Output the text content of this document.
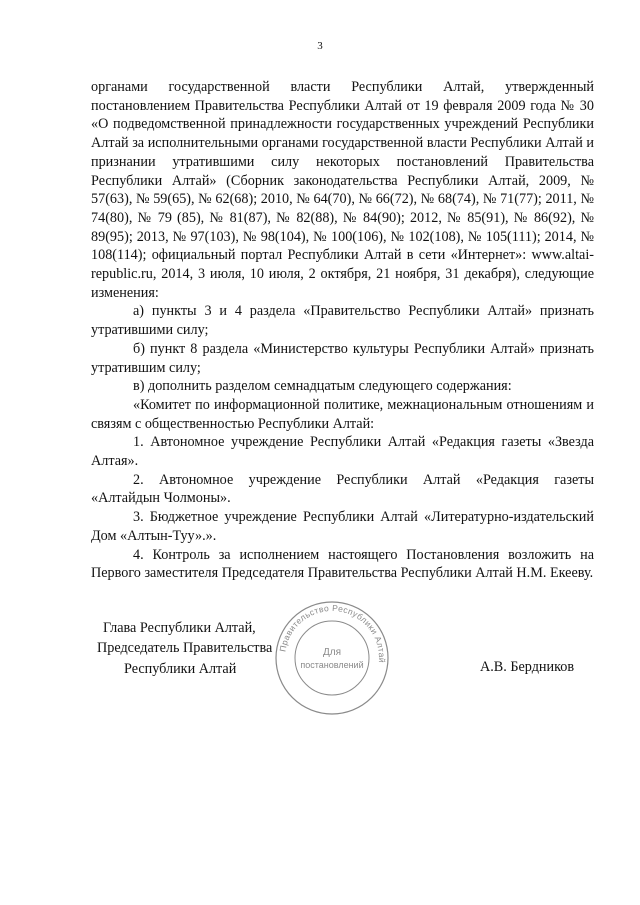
3

органами государственной власти Республики Алтай, утвержденный постановлением Правительства Республики Алтай от 19 февраля 2009 года № 30 «О подведомственной принадлежности государственных учреждений Республики Алтай за исполнительными органами государственной власти Республики Алтай и признании утратившими силу некоторых постановлений Правительства Республики Алтай» (Сборник законодательства Республики Алтай, 2009, № 57(63), № 59(65), № 62(68); 2010, № 64(70), № 66(72), № 68(74), № 71(77); 2011, № 74(80), № 79 (85), № 81(87), № 82(88), № 84(90); 2012, № 85(91), № 86(92), № 89(95); 2013, № 97(103), № 98(104), № 100(106), № 102(108), № 105(111); 2014, № 108(114); официальный портал Республики Алтай в сети «Интернет»: www.altai-republic.ru, 2014, 3 июля, 10 июля, 2 октября, 21 ноября, 31 декабря), следующие изменения:

а) пункты 3 и 4 раздела «Правительство Республики Алтай» признать утратившими силу;

б) пункт 8 раздела «Министерство культуры Республики Алтай» признать утратившим силу;

в) дополнить разделом семнадцатым следующего содержания:

«Комитет по информационной политике, межнациональным отношениям и связям с общественностью Республики Алтай:

1. Автономное учреждение Республики Алтай «Редакция газеты «Звезда Алтая».

2. Автономное учреждение Республики Алтай «Редакция газеты «Алтайдын Чолмоны».

3. Бюджетное учреждение Республики Алтай «Литературно-издательский Дом «Алтын-Туу».».

4. Контроль за исполнением настоящего Постановления возложить на Первого заместителя Председателя Правительства Республики Алтай Н.М. Екееву.

Глава Республики Алтай,
Председатель Правительства
Республики Алтай	А.В. Бердников
Правительство Республики Алтай
Для
постановлений
